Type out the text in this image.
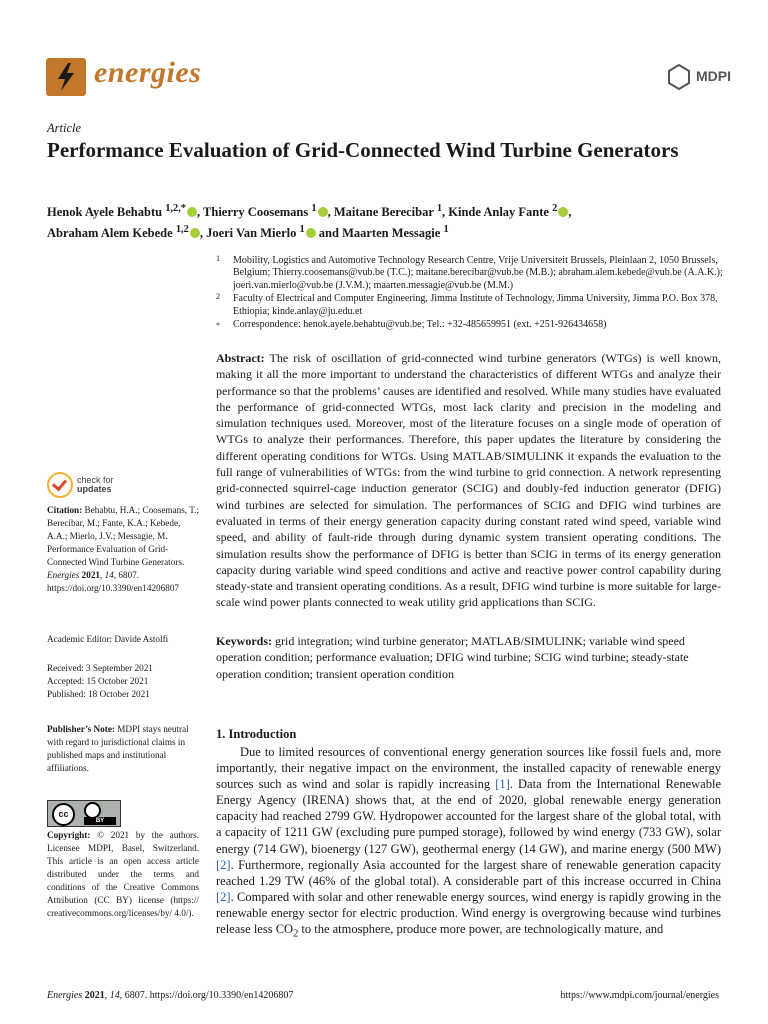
energies	MDPI
Article
Performance Evaluation of Grid-Connected Wind Turbine Generators
Henok Ayele Behabtu $^{1,2,*}$ , Thierry Coosemans $^1$ , Maitane Berecibar $^1$, Kinde Anlay Fante $^2$ ,
Abraham Alem Kebede $^{1,2}$ , Joeri Van Mierlo $^1$ and Maarten Messagie $^1$
1 Mobility, Logistics and Automotive Technology Research Centre, Vrije Universiteit Brussels, Pleinlaan 2, 1050 Brussels, Belgium; Thierry.coosemans@vub.be (T.C.); maitane.berecibar@vub.be (M.B.); abraham.alem.kebede@vub.be (A.A.K.); joeri.van.mierlo@vub.be (J.V.M.); maarten.messagie@vub.be (M.M.)
2 Faculty of Electrical and Computer Engineering, Jimma Institute of Technology, Jimma University, Jimma P.O. Box 378, Ethiopia; kinde.anlay@ju.edu.et
* Correspondence: henok.ayele.behabtu@vub.be; Tel.: +32-485659951 (ext. +251-926434658)
Abstract: The risk of oscillation of grid-connected wind turbine generators (WTGs) is well known, making it all the more important to understand the characteristics of different WTGs and analyze their performance so that the problems’ causes are identified and resolved. While many studies have evaluated the performance of grid-connected WTGs, most lack clarity and precision in the modeling and simulation techniques used. Moreover, most of the literature focuses on a single mode of operation of WTGs to analyze their performances. Therefore, this paper updates the literature by considering the different operating conditions for WTGs. Using MATLAB/SIMULINK it expands the evaluation to the full range of vulnerabilities of WTGs: from the wind turbine to grid connection. A network representing grid-connected squirrel-cage induction generator (SCIG) and doubly-fed induction generator (DFIG) wind turbines are selected for simulation. The performances of SCIG and DFIG wind turbines are evaluated in terms of their energy generation capacity during constant rated wind speed, variable wind speed, and ability of fault-ride through during dynamic system transient operating conditions. The simulation results show the performance of DFIG is better than SCIG in terms of its energy generation capacity during variable wind speed conditions and active and reactive power control capability during steady-state and transient operating conditions. As a result, DFIG wind turbine is more suitable for large-scale wind power plants connected to weak utility grid applications than SCIG.
Keywords: grid integration; wind turbine generator; MATLAB/SIMULINK; variable wind speed operation condition; performance evaluation; DFIG wind turbine; SCIG wind turbine; steady-state operation condition; transient operation condition
check for
updates
Citation: Behabtu, H.A.; Coosemans, T.; Berecibar, M.; Fante, K.A.; Kebede, A.A.; Mierlo, J.V.; Messagie, M. Performance Evaluation of Grid-Connected Wind Turbine Generators. Energies 2021, 14, 6807. https://doi.org/10.3390/en14206807
Academic Editor: Davide Astolfi
Received: 3 September 2021
Accepted: 15 October 2021
Published: 18 October 2021
Publisher’s Note: MDPI stays neutral with regard to jurisdictional claims in published maps and institutional affiliations.
cc
BY
Copyright: © 2021 by the authors. Licensee MDPI, Basel, Switzerland. This article is an open access article distributed under the terms and conditions of the Creative Commons Attribution (CC BY) license (https:// creativecommons.org/licenses/by/ 4.0/).
1. Introduction
Due to limited resources of conventional energy generation sources like fossil fuels and, more importantly, their negative impact on the environment, the installed capacity of renewable energy sources such as wind and solar is rapidly increasing [1]. Data from the International Renewable Energy Agency (IRENA) shows that, at the end of 2020, global renewable energy generation capacity had reached 2799 GW. Hydropower accounted for the largest share of the global total, with a capacity of 1211 GW (excluding pure pumped storage), followed by wind energy (733 GW), solar energy (714 GW), bioenergy (127 GW), geothermal energy (14 GW), and marine energy (500 MW) [2]. Furthermore, regionally Asia accounted for the largest share of renewable generation capacity reached 1.29 TW (46% of the global total). A considerable part of this increase occurred in China [2]. Compared with solar and other renewable energy sources, wind energy is rapidly growing in the renewable energy sector for electric production. Wind energy is overgrowing because wind turbines release less $CO_2$ to the atmosphere, produce more power, are technologically mature, and
Energies 2021, 14, 6807. https://doi.org/10.3390/en14206807	https://www.mdpi.com/journal/energies
